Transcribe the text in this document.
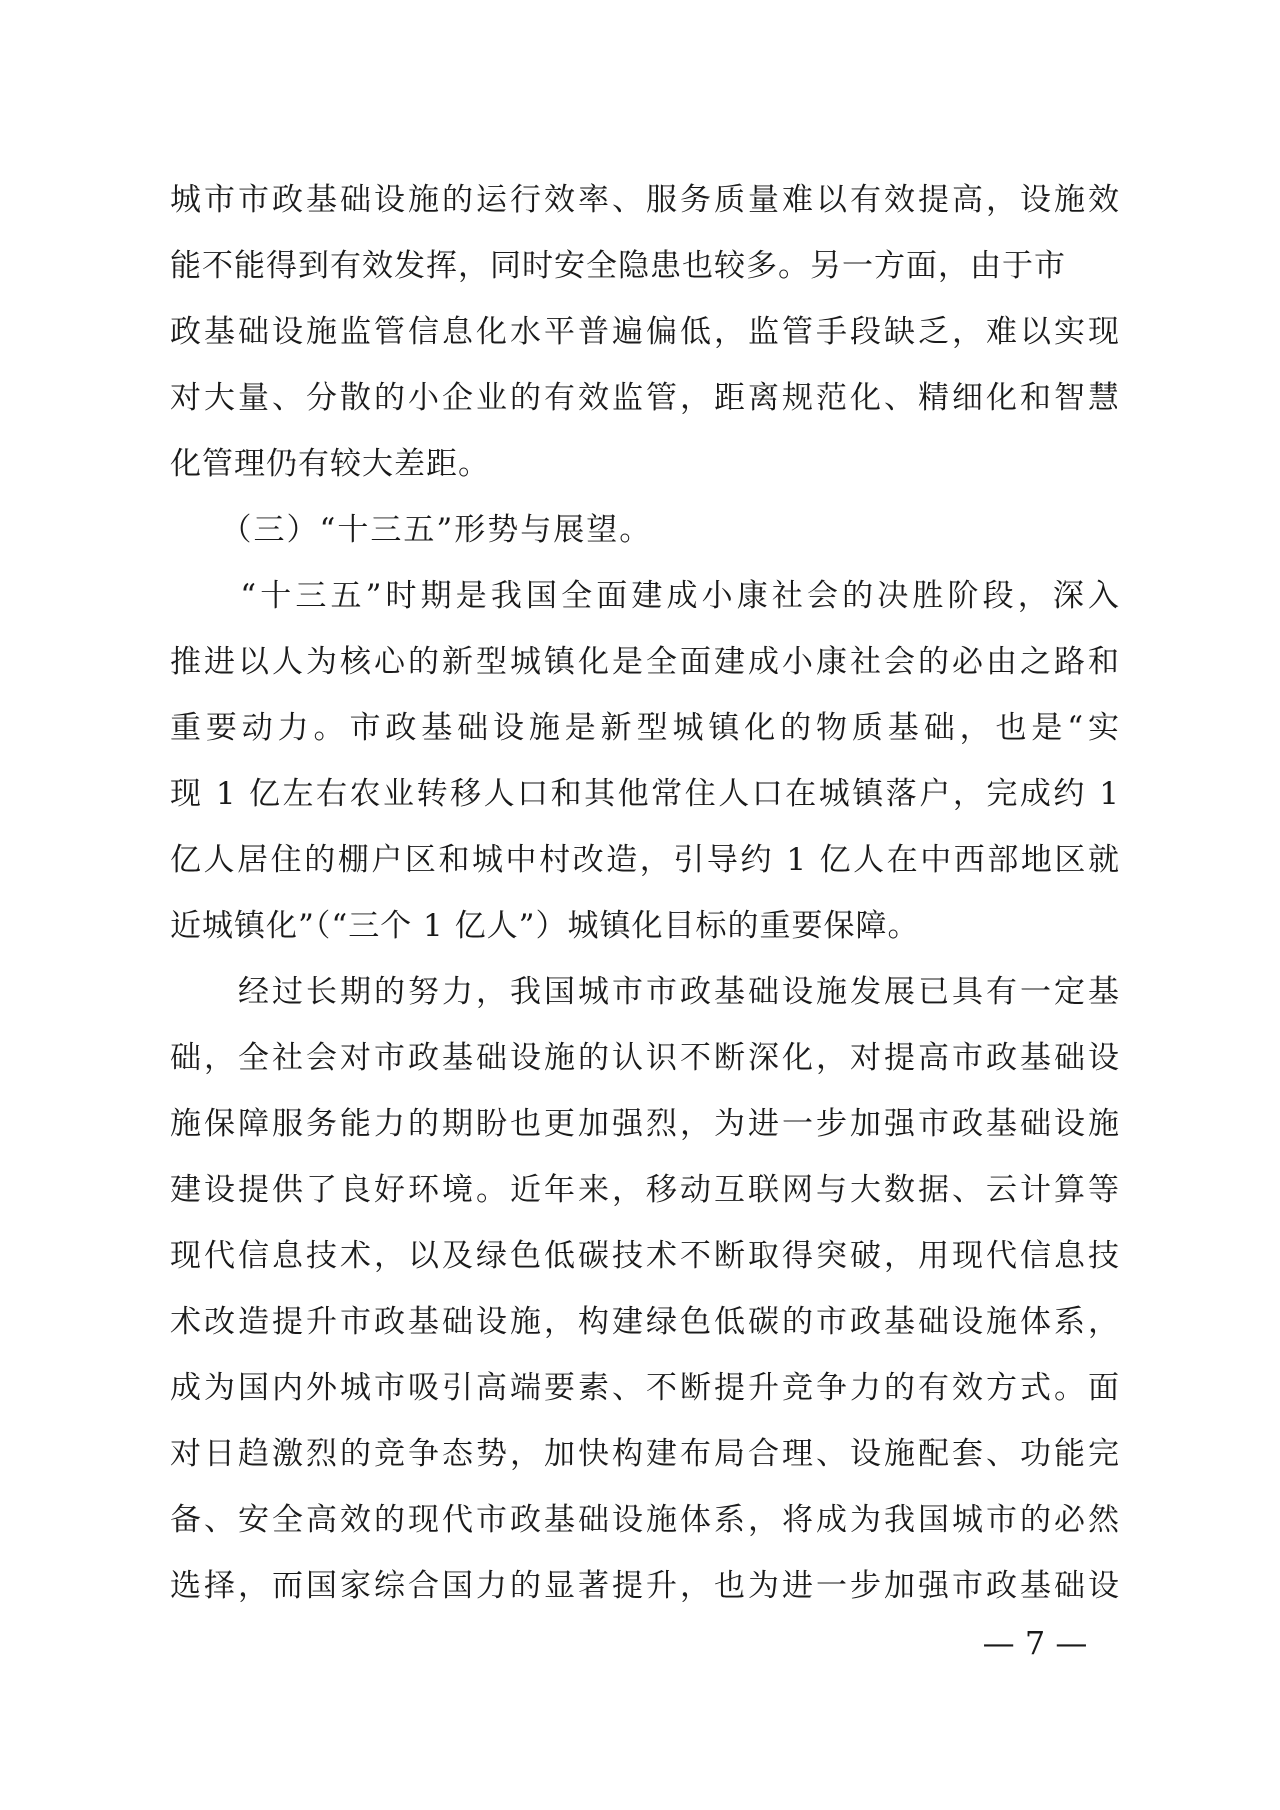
城市市政基础设施的运行效率、服务质量难以有效提高，设施效
能不能得到有效发挥，同时安全隐患也较多。另一方面，由于市
政基础设施监管信息化水平普遍偏低，监管手段缺乏，难以实现
对大量、分散的小企业的有效监管，距离规范化、精细化和智慧
化管理仍有较大差距。
　　（三）“十三五”形势与展望。
　　“十三五”时期是我国全面建成小康社会的决胜阶段，深入
推进以人为核心的新型城镇化是全面建成小康社会的必由之路和
重要动力。市政基础设施是新型城镇化的物质基础，也是“实
现 1 亿左右农业转移人口和其他常住人口在城镇落户，完成约 1
亿人居住的棚户区和城中村改造，引导约 1 亿人在中西部地区就
近城镇化”（“三个 1 亿人”）城镇化目标的重要保障。
　　经过长期的努力，我国城市市政基础设施发展已具有一定基
础，全社会对市政基础设施的认识不断深化，对提高市政基础设
施保障服务能力的期盼也更加强烈，为进一步加强市政基础设施
建设提供了良好环境。近年来，移动互联网与大数据、云计算等
现代信息技术，以及绿色低碳技术不断取得突破，用现代信息技
术改造提升市政基础设施，构建绿色低碳的市政基础设施体系，
成为国内外城市吸引高端要素、不断提升竞争力的有效方式。面
对日趋激烈的竞争态势，加快构建布局合理、设施配套、功能完
备、安全高效的现代市政基础设施体系，将成为我国城市的必然
选择，而国家综合国力的显著提升，也为进一步加强市政基础设
— 7 —
